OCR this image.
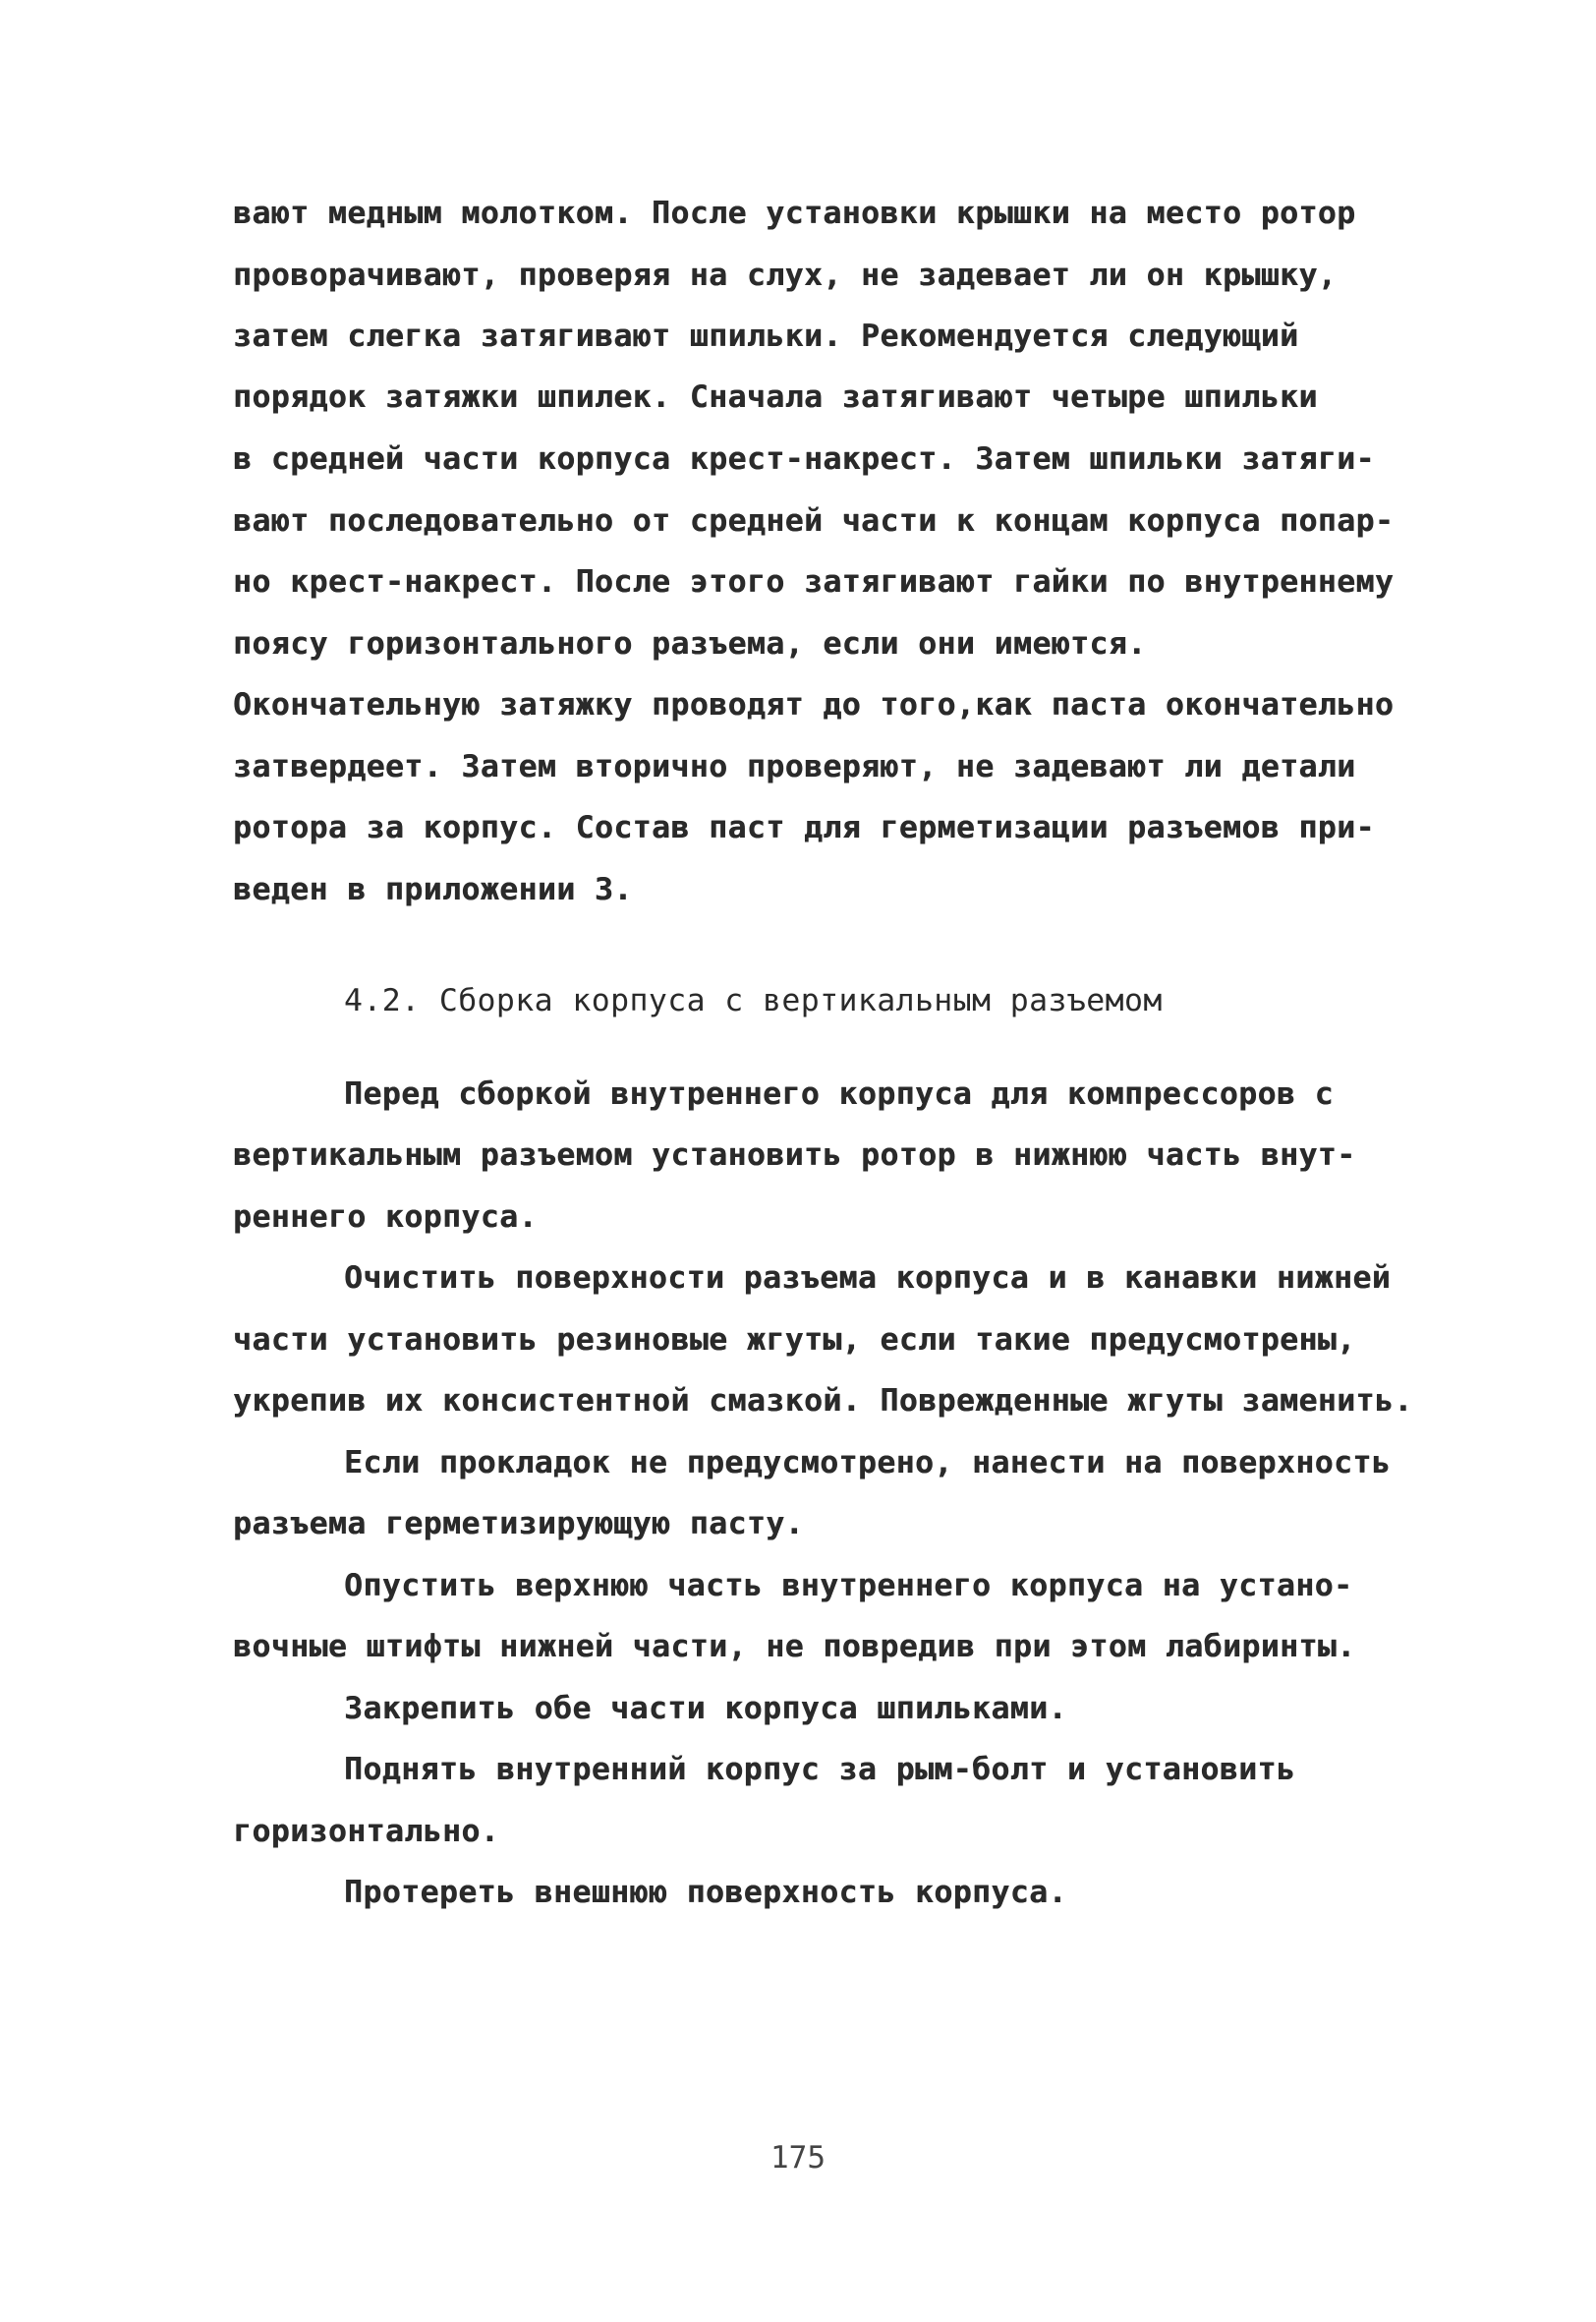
вают медным молотком. После установки крышки на место ротор
проворачивают, проверяя на слух, не задевает ли он крышку,
затем слегка затягивают шпильки. Рекомендуется следующий
порядок затяжки шпилек. Сначала затягивают четыре шпильки
в средней части корпуса крест-накрест. Затем шпильки затяги-
вают последовательно от средней части к концам корпуса попар-
но крест-накрест. После этого затягивают гайки по внутреннему
поясу горизонтального разъема, если они имеются.
Окончательную затяжку проводят до того,как паста окончательно
затвердеет. Затем вторично проверяют, не задевают ли детали
ротора за корпус. Состав паст для герметизации разъемов при-
веден в приложении 3.
4.2. Сборка корпуса с вертикальным разъемом
Перед сборкой внутреннего корпуса для компрессоров с
вертикальным разъемом установить ротор в нижнюю часть внут-
реннего корпуса.
Очистить поверхности разъема корпуса и в канавки нижней
части установить резиновые жгуты, если такие предусмотрены,
укрепив их консистентной смазкой. Поврежденные жгуты заменить.
Если прокладок не предусмотрено, нанести на поверхность
разъема герметизирующую пасту.
Опустить верхнюю часть внутреннего корпуса на устано-
вочные штифты нижней части, не повредив при этом лабиринты.
Закрепить обе части корпуса шпильками.
Поднять внутренний корпус за рым-болт и установить
горизонтально.
Протереть внешнюю поверхность корпуса.
175
